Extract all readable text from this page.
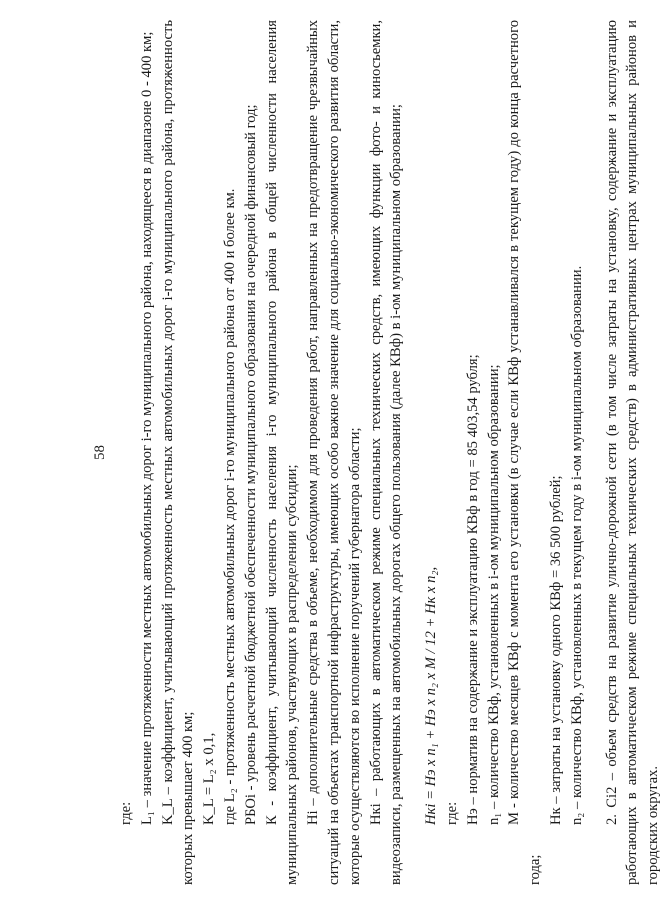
58

где: L₁ – значение протяженности местных автомобильных дорог i-го муниципального района, находящееся в диапазоне 0 - 400 км; K_L – коэффициент, учитывающий протяженность местных автомобильных дорог i-го муниципального района, протяженность которых превышает 400 км; K_L = L₂ x 0,1, где L₂ - протяженность местных автомобильных дорог i-го муниципального района от 400 и более км. РБОi - уровень расчетной бюджетной обеспеченности муниципального образования на очередной финансовый год; К - коэффициент, учитывающий численность населения i-го муниципального района в общей численности населения муниципальных районов, участвующих в распределении субсидии; Нi – дополнительные средства в объеме, необходимом для проведения работ, направленных на предотвращение чрезвычайных ситуаций на объектах транспортной инфраструктуры, имеющих особо важное значение для социально-экономического развития области, которые осуществляются во исполнение поручений губернатора области; Нкi – работающих в автоматическом режиме специальных технических средств, имеющих функции фото- и киносъемки, видеозаписи, размещенных на автомобильных дорогах общего пользования (далее КВф) в i-ом муниципальном образовании; Нкi = Нэ x n₁ + Нэ x n₂ x M / 12 + Нк x n₂, где: Нэ – норматив на содержание и эксплуатацию КВф в год = 85 403,54 рубля; n₁ – количество КВф, установленных в i-ом муниципальном образовании; М - количество месяцев КВф с момента его установки (в случае если КВф устанавливался в текущем году) до конца расчетного года;

Нк – затраты на установку одного КВф = 36 500 рублей; n₂ – количество КВф, установленных в текущем году в i-ом муниципальном образовании. 2. Сi2 – объем средств на развитие улично-дорожной сети (в том числе затраты на установку, содержание и эксплуатацию работающих в автоматическом режиме специальных технических средств) в административных центрах муниципальных районов и городских округах.
